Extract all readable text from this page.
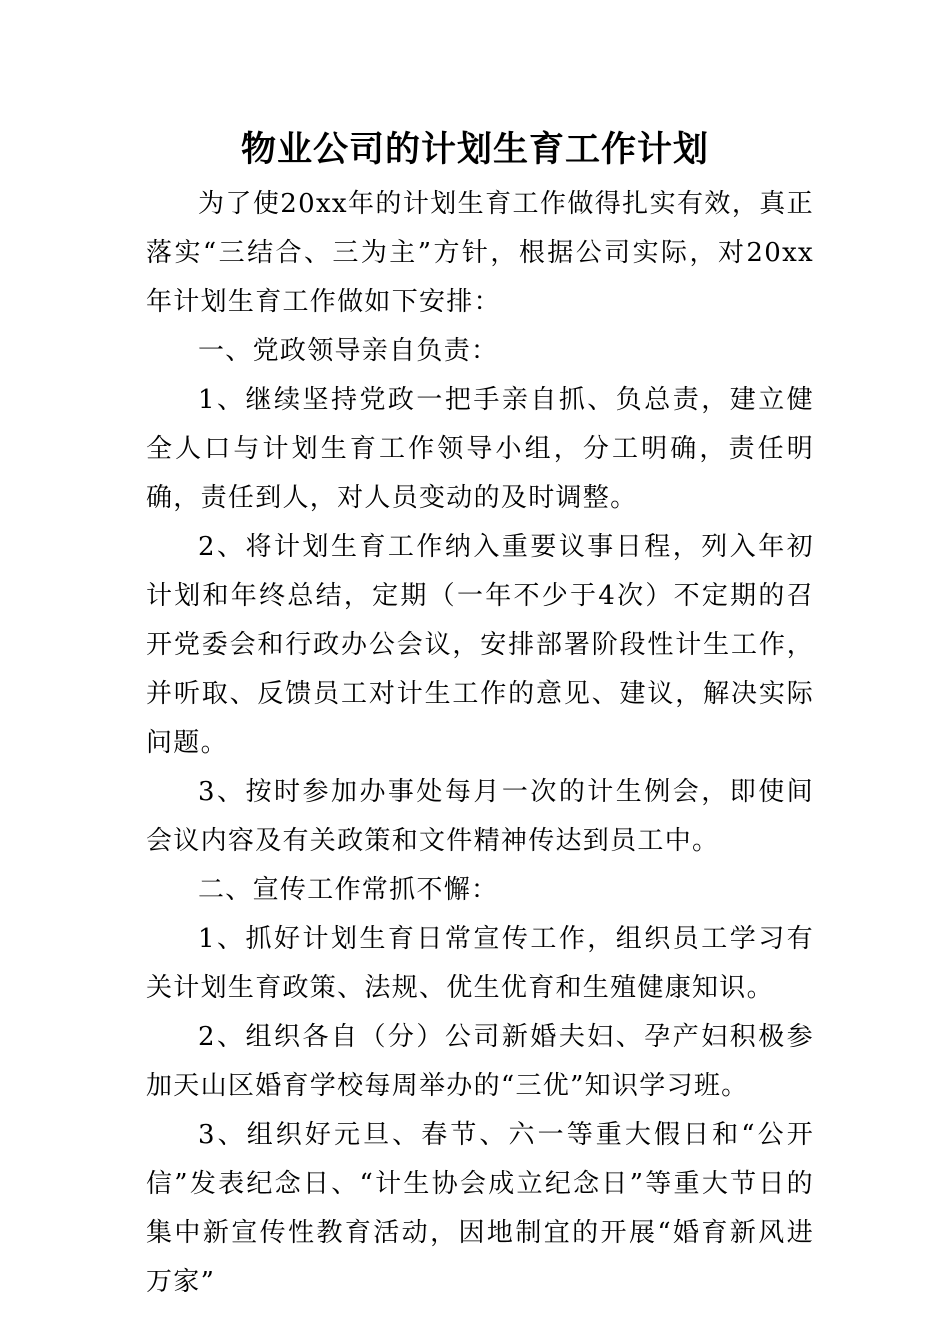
物业公司的计划生育工作计划

为了使20xx年的计划生育工作做得扎实有效，真正落实“三结合、三为主”方针，根据公司实际，对20xx年计划生育工作做如下安排：

一、党政领导亲自负责：

1、继续坚持党政一把手亲自抓、负总责，建立健全人口与计划生育工作领导小组，分工明确，责任明确，责任到人，对人员变动的及时调整。

2、将计划生育工作纳入重要议事日程，列入年初计划和年终总结，定期（一年不少于4次）不定期的召开党委会和行政办公会议，安排部署阶段性计生工作，并听取、反馈员工对计生工作的意见、建议，解决实际问题。

3、按时参加办事处每月一次的计生例会，即使间会议内容及有关政策和文件精神传达到员工中。

二、宣传工作常抓不懈：

1、抓好计划生育日常宣传工作，组织员工学习有关计划生育政策、法规、优生优育和生殖健康知识。

2、组织各自（分）公司新婚夫妇、孕产妇积极参加天山区婚育学校每周举办的“三优”知识学习班。

3、组织好元旦、春节、六一等重大假日和“公开信”发表纪念日、“计生协会成立纪念日”等重大节日的集中新宣传性教育活动，因地制宜的开展“婚育新风进万家”
